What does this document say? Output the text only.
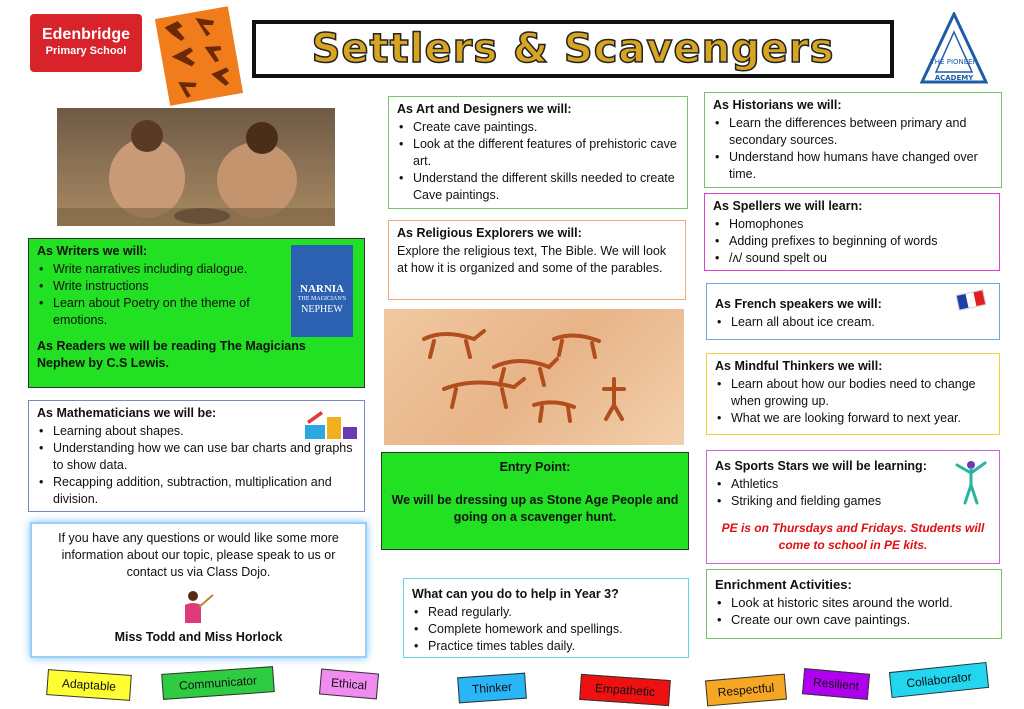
Edenbridge
Primary School	Settlers & Scavengers	THE PIONEER
ACADEMY
As Art and Designers we will:
• Create cave paintings.
• Look at the different features of prehistoric cave art.
• Understand the different skills needed to create Cave paintings.
As Historians we will:
• Learn the differences between primary and secondary sources.
• Understand how humans have changed over time.
As Spellers we will learn:
• Homophones
• Adding prefixes to beginning of words
• /ʌ/ sound spelt ou
As Religious Explorers we will:
Explore the religious text, The Bible. We will look at how it is organized and some of the parables.
As Writers we will:
• Write narratives including dialogue.
• Write instructions
• Learn about Poetry on the theme of emotions.
As Readers we will be reading The Magicians Nephew by C.S Lewis.
NARNIA
THE MAGICIAN'S
NEPHEW	As French speakers we will:
• Learn all about ice cream.
As Mindful Thinkers we will:
• Learn about how our bodies need to change when growing up.
• What we are looking forward to next year.
As Mathematicians we will be:
• Learning about shapes.
• Understanding how we can use bar charts and graphs to show data.
• Recapping addition, subtraction, multiplication and division.
Entry Point:
We will be dressing up as Stone Age People and going on a scavenger hunt.
As Sports Stars we will be learning:
• Athletics
• Striking and fielding games
PE is on Thursdays and Fridays. Students will come to school in PE kits.
If you have any questions or would like some more information about our topic, please speak to us or contact us via Class Dojo.
Miss Todd and Miss Horlock
What can you do to help in Year 3?
• Read regularly.
• Complete homework and spellings.
• Practice times tables daily.
Enrichment Activities:
• Look at historic sites around the world.
• Create our own cave paintings.
Adaptable	Communicator	Ethical	Thinker	Empathetic	Respectful	Resilient	Collaborator
